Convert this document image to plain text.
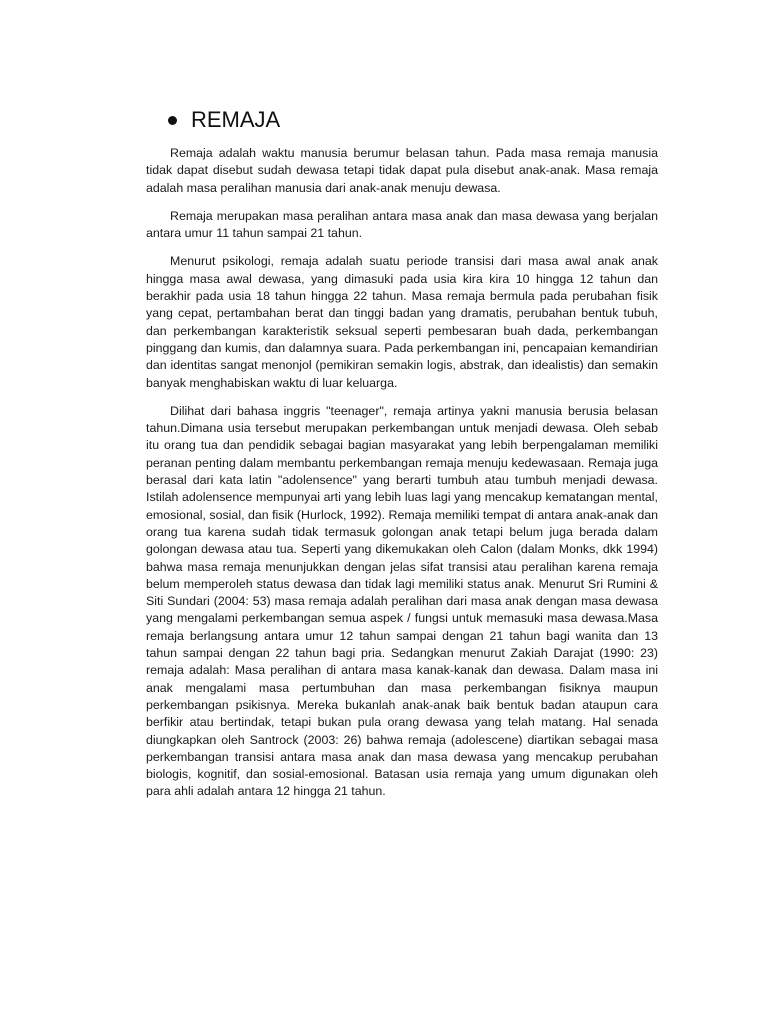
REMAJA

Remaja adalah waktu manusia berumur belasan tahun. Pada masa remaja manusia tidak dapat disebut sudah dewasa tetapi tidak dapat pula disebut anak-anak. Masa remaja adalah masa peralihan manusia dari anak-anak menuju dewasa.

Remaja merupakan masa peralihan antara masa anak dan masa dewasa yang berjalan antara umur 11 tahun sampai 21 tahun.

Menurut psikologi, remaja adalah suatu periode transisi dari masa awal anak anak hingga masa awal dewasa, yang dimasuki pada usia kira kira 10 hingga 12 tahun dan berakhir pada usia 18 tahun hingga 22 tahun. Masa remaja bermula pada perubahan fisik yang cepat, pertambahan berat dan tinggi badan yang dramatis, perubahan bentuk tubuh, dan perkembangan karakteristik seksual seperti pembesaran buah dada, perkembangan pinggang dan kumis, dan dalamnya suara. Pada perkembangan ini, pencapaian kemandirian dan identitas sangat menonjol (pemikiran semakin logis, abstrak, dan idealistis) dan semakin banyak menghabiskan waktu di luar keluarga.

Dilihat dari bahasa inggris "teenager", remaja artinya yakni manusia berusia belasan tahun.Dimana usia tersebut merupakan perkembangan untuk menjadi dewasa. Oleh sebab itu orang tua dan pendidik sebagai bagian masyarakat yang lebih berpengalaman memiliki peranan penting dalam membantu perkembangan remaja menuju kedewasaan. Remaja juga berasal dari kata latin "adolensence" yang berarti tumbuh atau tumbuh menjadi dewasa. Istilah adolensence mempunyai arti yang lebih luas lagi yang mencakup kematangan mental, emosional, sosial, dan fisik (Hurlock, 1992). Remaja memiliki tempat di antara anak-anak dan orang tua karena sudah tidak termasuk golongan anak tetapi belum juga berada dalam golongan dewasa atau tua. Seperti yang dikemukakan oleh Calon (dalam Monks, dkk 1994) bahwa masa remaja menunjukkan dengan jelas sifat transisi atau peralihan karena remaja belum memperoleh status dewasa dan tidak lagi memiliki status anak. Menurut Sri Rumini & Siti Sundari (2004: 53) masa remaja adalah peralihan dari masa anak dengan masa dewasa yang mengalami perkembangan semua aspek / fungsi untuk memasuki masa dewasa.Masa remaja berlangsung antara umur 12 tahun sampai dengan 21 tahun bagi wanita dan 13 tahun sampai dengan 22 tahun bagi pria. Sedangkan menurut Zakiah Darajat (1990: 23) remaja adalah: Masa peralihan di antara masa kanak-kanak dan dewasa. Dalam masa ini anak mengalami masa pertumbuhan dan masa perkembangan fisiknya maupun perkembangan psikisnya. Mereka bukanlah anak-anak baik bentuk badan ataupun cara berfikir atau bertindak, tetapi bukan pula orang dewasa yang telah matang. Hal senada diungkapkan oleh Santrock (2003: 26) bahwa remaja (adolescene) diartikan sebagai masa perkembangan transisi antara masa anak dan masa dewasa yang mencakup perubahan biologis, kognitif, dan sosial-emosional. Batasan usia remaja yang umum digunakan oleh para ahli adalah antara 12 hingga 21 tahun.
